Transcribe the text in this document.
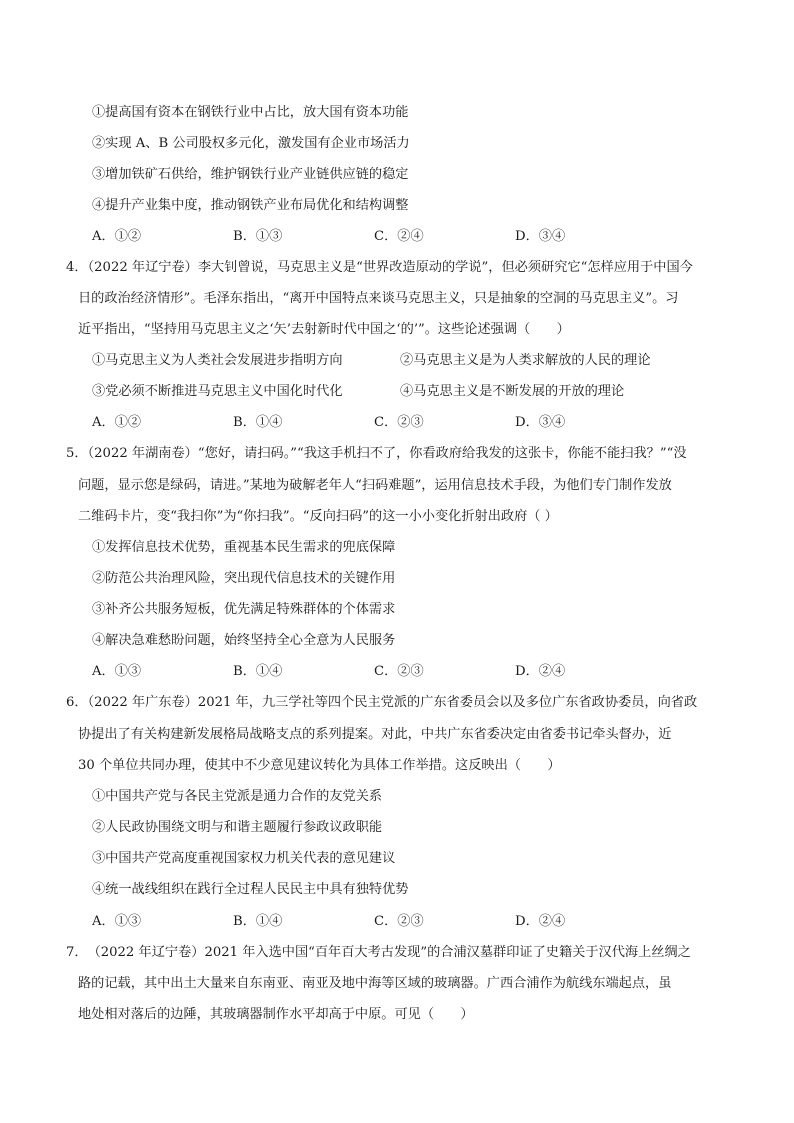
①提高国有资本在钢铁行业中占比，放大国有资本功能
②实现 A、B 公司股权多元化，激发国有企业市场活力
③增加铁矿石供给，维护钢铁行业产业链供应链的稳定
④提升产业集中度，推动钢铁产业布局优化和结构调整
A．①②	B．①③	C．②④	D．③④
4．（2022 年辽宁卷）李大钊曾说，马克思主义是“世界改造原动的学说”，但必须研究它“怎样应用于中国今
日的政治经济情形”。毛泽东指出，“离开中国特点来谈马克思主义，只是抽象的空洞的马克思主义”。习
近平指出，“坚持用马克思主义之‘矢’去射新时代中国之‘的’”。这些论述强调（　　）
①马克思主义为人类社会发展进步指明方向	②马克思主义是为人类求解放的人民的理论
③党必须不断推进马克思主义中国化时代化	④马克思主义是不断发展的开放的理论
A．①②	B．①④	C．②③	D．③④
5．（2022 年湖南卷）“您好，请扫码。”“我这手机扫不了，你看政府给我发的这张卡，你能不能扫我？”“没
问题，显示您是绿码，请进。”某地为破解老年人“扫码难题”，运用信息技术手段，为他们专门制作发放
二维码卡片，变“我扫你”为“你扫我”。“反向扫码”的这一小小变化折射出政府（ ）
①发挥信息技术优势，重视基本民生需求的兜底保障
②防范公共治理风险，突出现代信息技术的关键作用
③补齐公共服务短板，优先满足特殊群体的个体需求
④解决急难愁盼问题，始终坚持全心全意为人民服务
A．①③	B．①④	C．②③	D．②④
6．（2022 年广东卷）2021 年，九三学社等四个民主党派的广东省委员会以及多位广东省政协委员，向省政
协提出了有关构建新发展格局战略支点的系列提案。对此，中共广东省委决定由省委书记牵头督办，近
30 个单位共同办理，使其中不少意见建议转化为具体工作举措。这反映出（　　）
①中国共产党与各民主党派是通力合作的友党关系
②人民政协围绕文明与和谐主题履行参政议政职能
③中国共产党高度重视国家权力机关代表的意见建议
④统一战线组织在践行全过程人民民主中具有独特优势
A．①③	B．①④	C．②③	D．②④
7．　（2022 年辽宁卷）2021 年入选中国“百年百大考古发现”的合浦汉墓群印证了史籍关于汉代海上丝绸之
路的记载，其中出土大量来自东南亚、南亚及地中海等区域的玻璃器。广西合浦作为航线东端起点，虽
地处相对落后的边陲，其玻璃器制作水平却高于中原。可见（　　）
